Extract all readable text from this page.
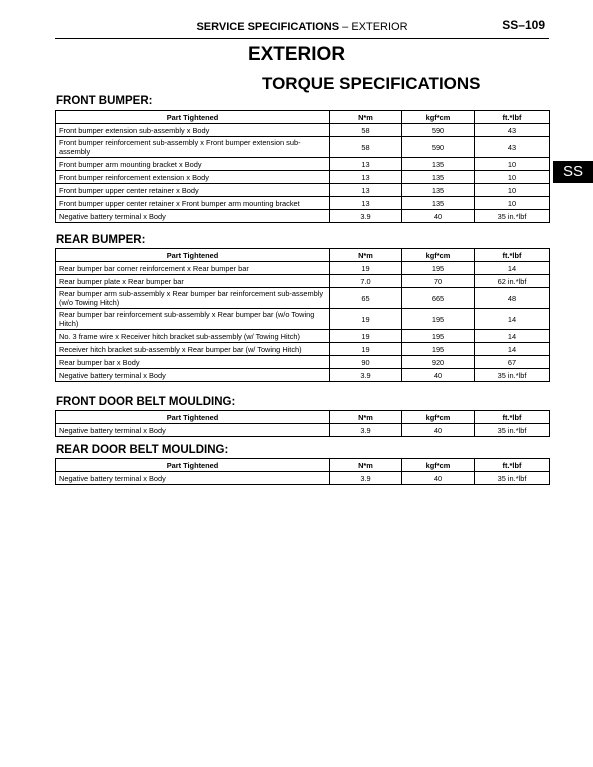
SERVICE SPECIFICATIONS – EXTERIOR	SS–109
EXTERIOR
TORQUE SPECIFICATIONS
SS
FRONT BUMPER:
Part Tightened	N*m	kgf*cm	ft.*lbf
Front bumper extension sub-assembly x Body	58	590	43
Front bumper reinforcement sub-assembly x Front bumper extension sub-assembly	58	590	43
Front bumper arm mounting bracket x Body	13	135	10
Front bumper reinforcement extension x Body	13	135	10
Front bumper upper center retainer x Body	13	135	10
Front bumper upper center retainer x Front bumper arm mounting bracket	13	135	10
Negative battery terminal x Body	3.9	40	35 in.*lbf
REAR BUMPER:
Part Tightened	N*m	kgf*cm	ft.*lbf
Rear bumper bar corner reinforcement x Rear bumper bar	19	195	14
Rear bumper plate x Rear bumper bar	7.0	70	62 in.*lbf
Rear bumper arm sub-assembly x Rear bumper bar reinforcement sub-assembly (w/o Towing Hitch)	65	665	48
Rear bumper bar reinforcement sub-assembly x Rear bumper bar (w/o Towing Hitch)	19	195	14
No. 3 frame wire x Receiver hitch bracket sub-assembly (w/ Towing Hitch)	19	195	14
Receiver hitch bracket sub-assembly x Rear bumper bar (w/ Towing Hitch)	19	195	14
Rear bumper bar x Body	90	920	67
Negative battery terminal x Body	3.9	40	35 in.*lbf
FRONT DOOR BELT MOULDING:
Part Tightened	N*m	kgf*cm	ft.*lbf
Negative battery terminal x Body	3.9	40	35 in.*lbf
REAR DOOR BELT MOULDING:
Part Tightened	N*m	kgf*cm	ft.*lbf
Negative battery terminal x Body	3.9	40	35 in.*lbf
